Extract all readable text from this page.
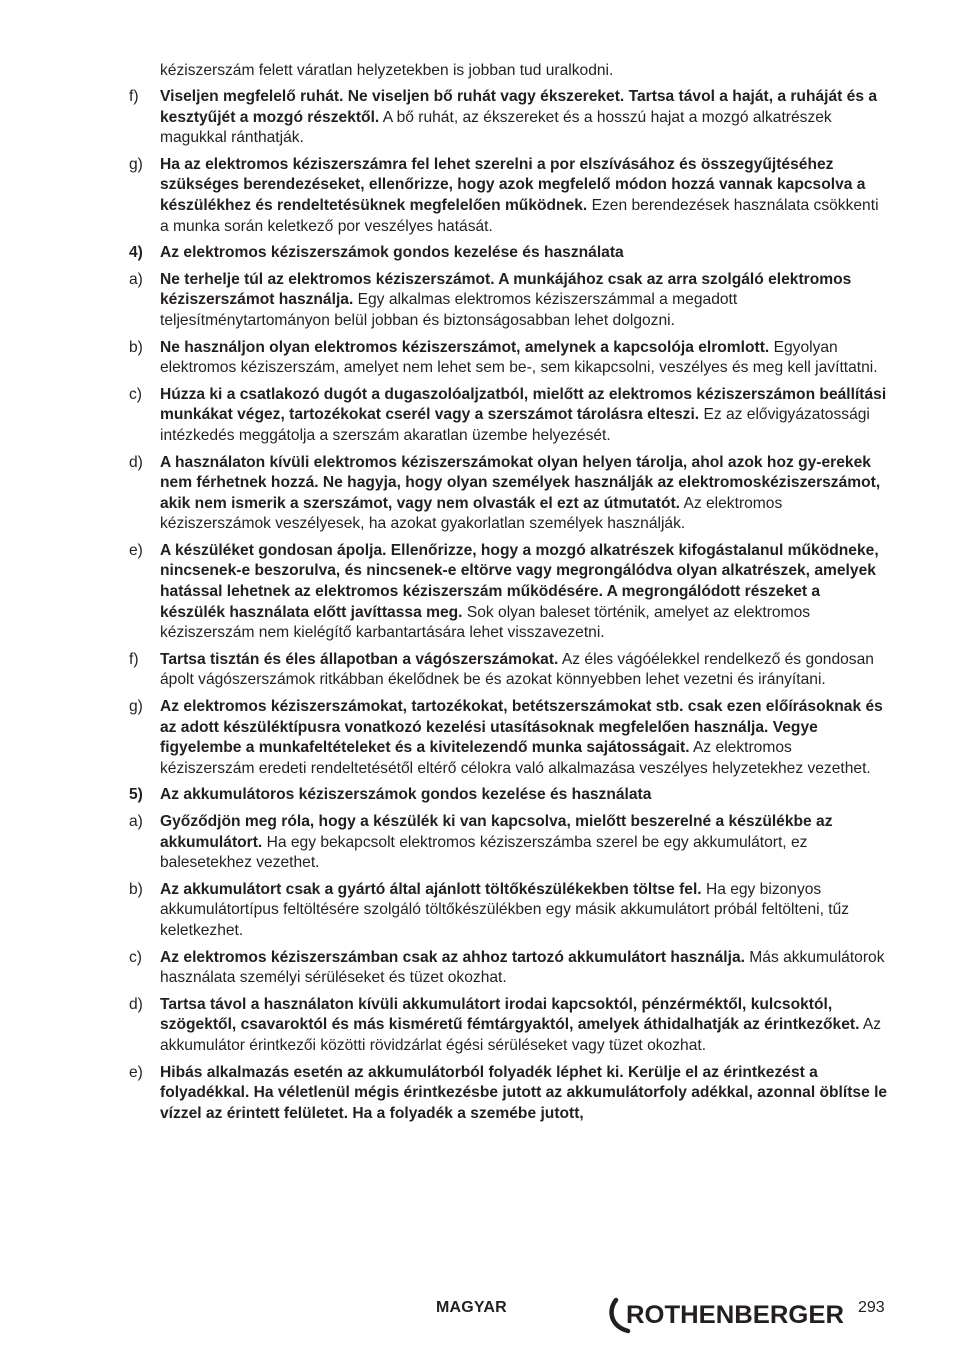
kéziszerszám felett váratlan helyzetekben is jobban tud uralkodni.
f) Viseljen megfelelő ruhát. Ne viseljen bő ruhát vagy ékszereket. Tartsa távol a haját, a ruháját és a kesztyűjét a mozgó részektől. A bő ruhát, az ékszereket és a hosszú hajat a mozgó alkatrészek magukkal ránthatják.
g) Ha az elektromos kéziszerszámra fel lehet szerelni a por elszívásához és összegyűjtéséhez szükséges berendezéseket, ellenőrizze, hogy azok megfelelő módon hozzá vannak kapcsolva a készülékhez és rendeltetésüknek megfelelően működnek. Ezen berendezések használata csökkenti a munka során keletkező por veszélyes hatását.
4) Az elektromos kéziszerszámok gondos kezelése és használata
a) Ne terhelje túl az elektromos kéziszerszámot. A munkájához csak az arra szolgáló elektromos kéziszerszámot használja. Egy alkalmas elektromos kéziszerszámmal a megadott teljesítménytartományon belül jobban és biztonságosabban lehet dolgozni.
b) Ne használjon olyan elektromos kéziszerszámot, amelynek a kapcsolója elromlott. Egyolyan elektromos kéziszerszám, amelyet nem lehet sem be-, sem kikapcsolni, veszélyes és meg kell javíttatni.
c) Húzza ki a csatlakozó dugót a dugaszolóaljzatból, mielőtt az elektromos kéziszerszámon beállítási munkákat végez, tartozékokat cserél vagy a szerszámot tárolásra elteszi. Ez az elővigyázatossági intézkedés meggátolja a szerszám akaratlan üzembe helyezését.
d) A használaton kívüli elektromos kéziszerszámokat olyan helyen tárolja, ahol azok hoz gy-erekek nem férhetnek hozzá. Ne hagyja, hogy olyan személyek használják az elektromoskéziszerszámot, akik nem ismerik a szerszámot, vagy nem olvasták el ezt az útmutatót. Az elektromos kéziszerszámok veszélyesek, ha azokat gyakorlatlan személyek használják.
e) A készüléket gondosan ápolja. Ellenőrizze, hogy a mozgó alkatrészek kifogástalanul működneke, nincsenek-e beszorulva, és nincsenek-e eltörve vagy megrongálódva olyan alkatrészek, amelyek hatással lehetnek az elektromos kéziszerszám működésére. A megrongálódott részeket a készülék használata előtt javíttassa meg. Sok olyan baleset történik, amelyet az elektromos kéziszerszám nem kielégítő karbantartására lehet visszavezetni.
f) Tartsa tisztán és éles állapotban a vágószerszámokat. Az éles vágóélekkel rendelkező és gondosan ápolt vágószerszámok ritkábban ékelődnek be és azokat könnyebben lehet vezetni és irányítani.
g) Az elektromos kéziszerszámokat, tartozékokat, betétszerszámokat stb. csak ezen előírásoknak és az adott készüléktípusra vonatkozó kezelési utasításoknak megfelelően használja. Vegye figyelembe a munkafeltételeket és a kivitelezendő munka sajátosságait. Az elektromos kéziszerszám eredeti rendeltetésétől eltérő célokra való alkalmazása veszélyes helyzetekhez vezethet.
5) Az akkumulátoros kéziszerszámok gondos kezelése és használata
a) Győződjön meg róla, hogy a készülék ki van kapcsolva, mielőtt beszerelné a készülékbe az akkumulátort. Ha egy bekapcsolt elektromos kéziszerszámba szerel be egy akkumulátort, ez balesetekhez vezethet.
b) Az akkumulátort csak a gyártó által ajánlott töltőkészülékekben töltse fel. Ha egy bizonyos akkumulátortípus feltöltésére szolgáló töltőkészülékben egy másik akkumulátort próbál feltölteni, tűz keletkezhet.
c) Az elektromos kéziszerszámban csak az ahhoz tartozó akkumulátort használja. Más akkumulátorok használata személyi sérüléseket és tüzet okozhat.
d) Tartsa távol a használaton kívüli akkumulátort irodai kapcsoktól, pénzérméktől, kulcsoktól, szögektől, csavaroktól és más kisméretű fémtárgyaktól, amelyek áthidalhatják az érintkezőket. Az akkumulátor érintkezői közötti rövidzárlat égési sérüléseket vagy tüzet okozhat.
e) Hibás alkalmazás esetén az akkumulátorból folyadék léphet ki. Kerülje el az érintkezést a folyadékkal. Ha véletlenül mégis érintkezésbe jutott az akkumulátorfoly adékkal, azonnal öblítse le vízzel az érintett felületet. Ha a folyadék a szemébe jutott,
MAGYAR	ROTHENBERGER 293
